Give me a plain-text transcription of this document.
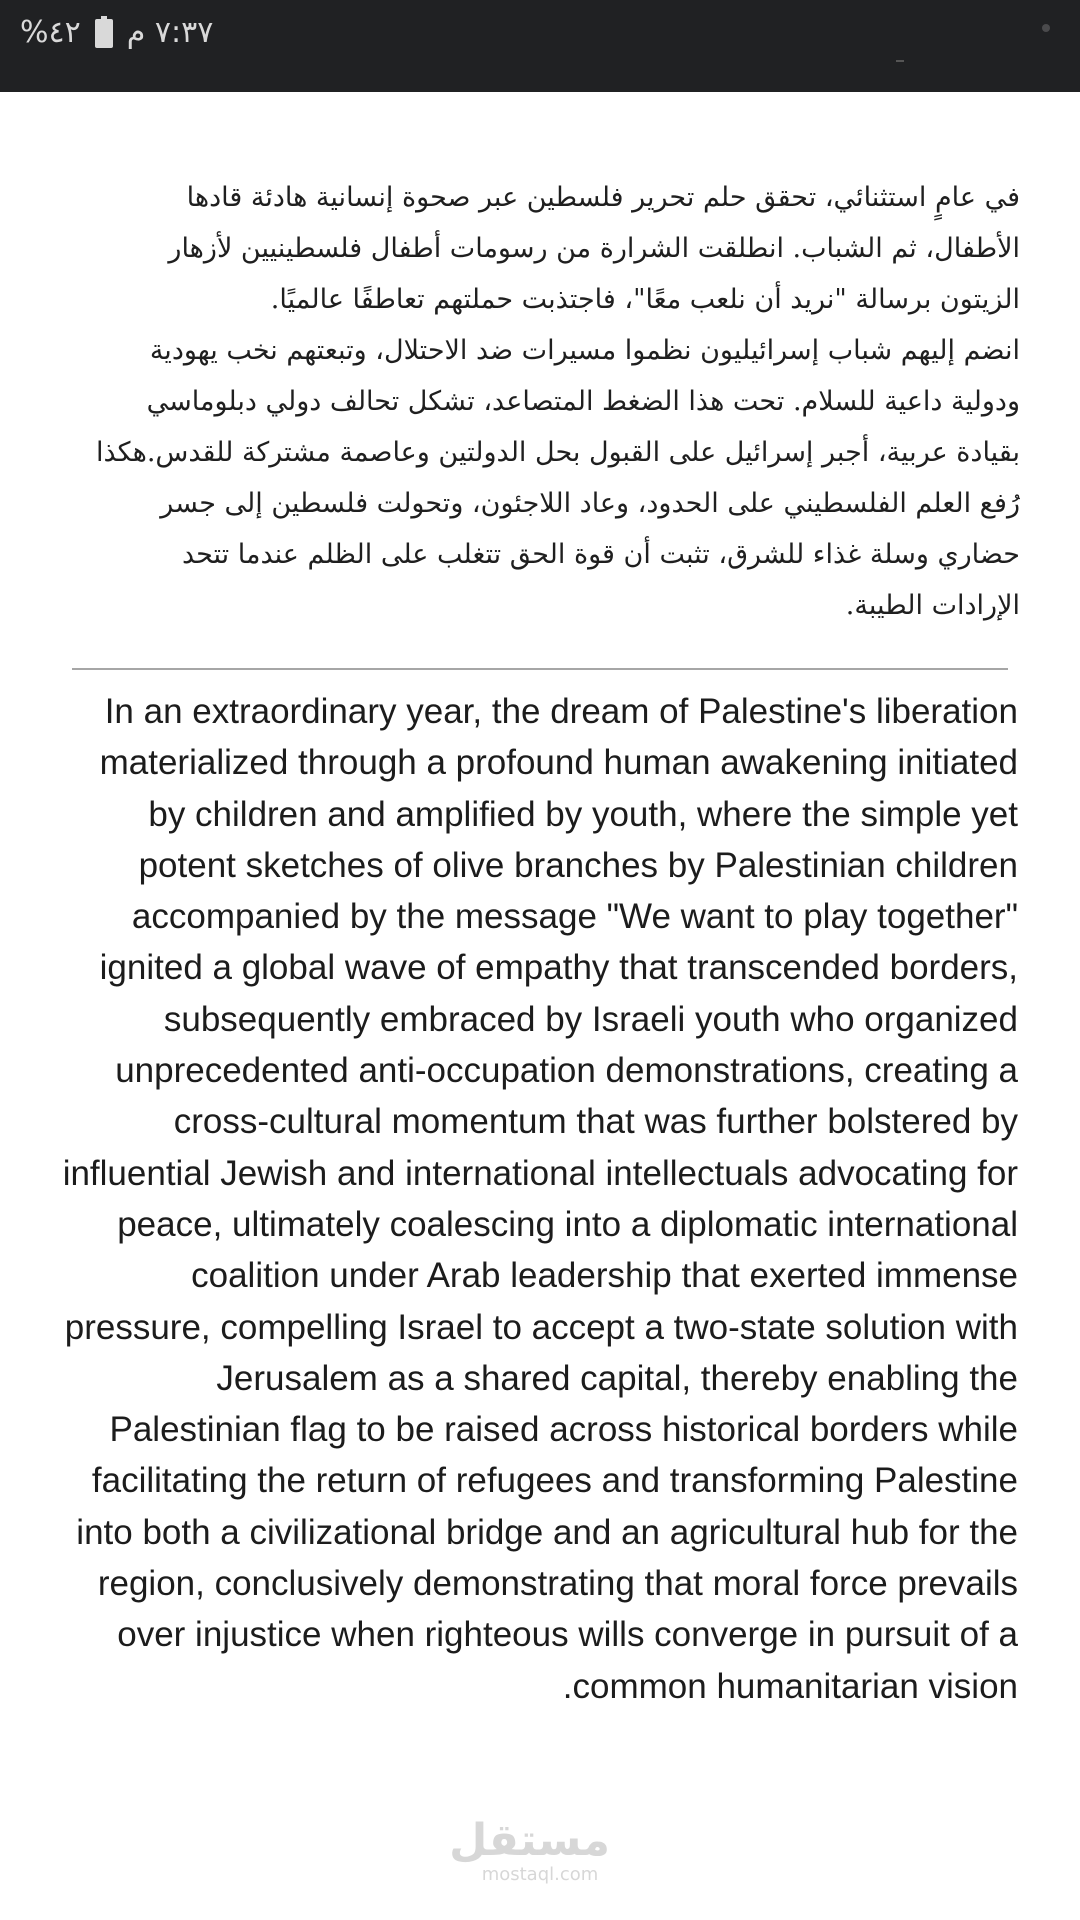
%٤٢ ٧:٣٧ م

في عامٍ استثنائي، تحقق حلم تحرير فلسطين عبر صحوة إنسانية هادئة قادها الأطفال، ثم الشباب. انطلقت الشرارة من رسومات أطفال فلسطينيين لأزهار الزيتون برسالة "نريد أن نلعب معًا"، فاجتذبت حملتهم تعاطفًا عالميًا.

انضم إليهم شباب إسرائيليون نظموا مسيرات ضد الاحتلال، وتبعتهم نخب يهودية ودولية داعية للسلام. تحت هذا الضغط المتصاعد، تشكل تحالف دولي دبلوماسي بقيادة عربية، أجبر إسرائيل على القبول بحل الدولتين وعاصمة مشتركة للقدس.هكذا رُفع العلم الفلسطيني على الحدود، وعاد اللاجئون، وتحولت فلسطين إلى جسر حضاري وسلة غذاء للشرق، تثبت أن قوة الحق تتغلب على الظلم عندما تتحد الإرادات الطيبة.

In an extraordinary year, the dream of Palestine's liberation materialized through a profound human awakening initiated by children and amplified by youth, where the simple yet potent sketches of olive branches by Palestinian children accompanied by the message "We want to play together" ignited a global wave of empathy that transcended borders, subsequently embraced by Israeli youth who organized unprecedented anti-occupation demonstrations, creating a cross-cultural momentum that was further bolstered by influential Jewish and international intellectuals advocating for peace, ultimately coalescing into a diplomatic international coalition under Arab leadership that exerted immense pressure, compelling Israel to accept a two-state solution with Jerusalem as a shared capital, thereby enabling the Palestinian flag to be raised across historical borders while facilitating the return of refugees and transforming Palestine into both a civilizational bridge and an agricultural hub for the region, conclusively demonstrating that moral force prevails over injustice when righteous wills converge in pursuit of a common humanitarian vision.
مستقل
mostaql.com
